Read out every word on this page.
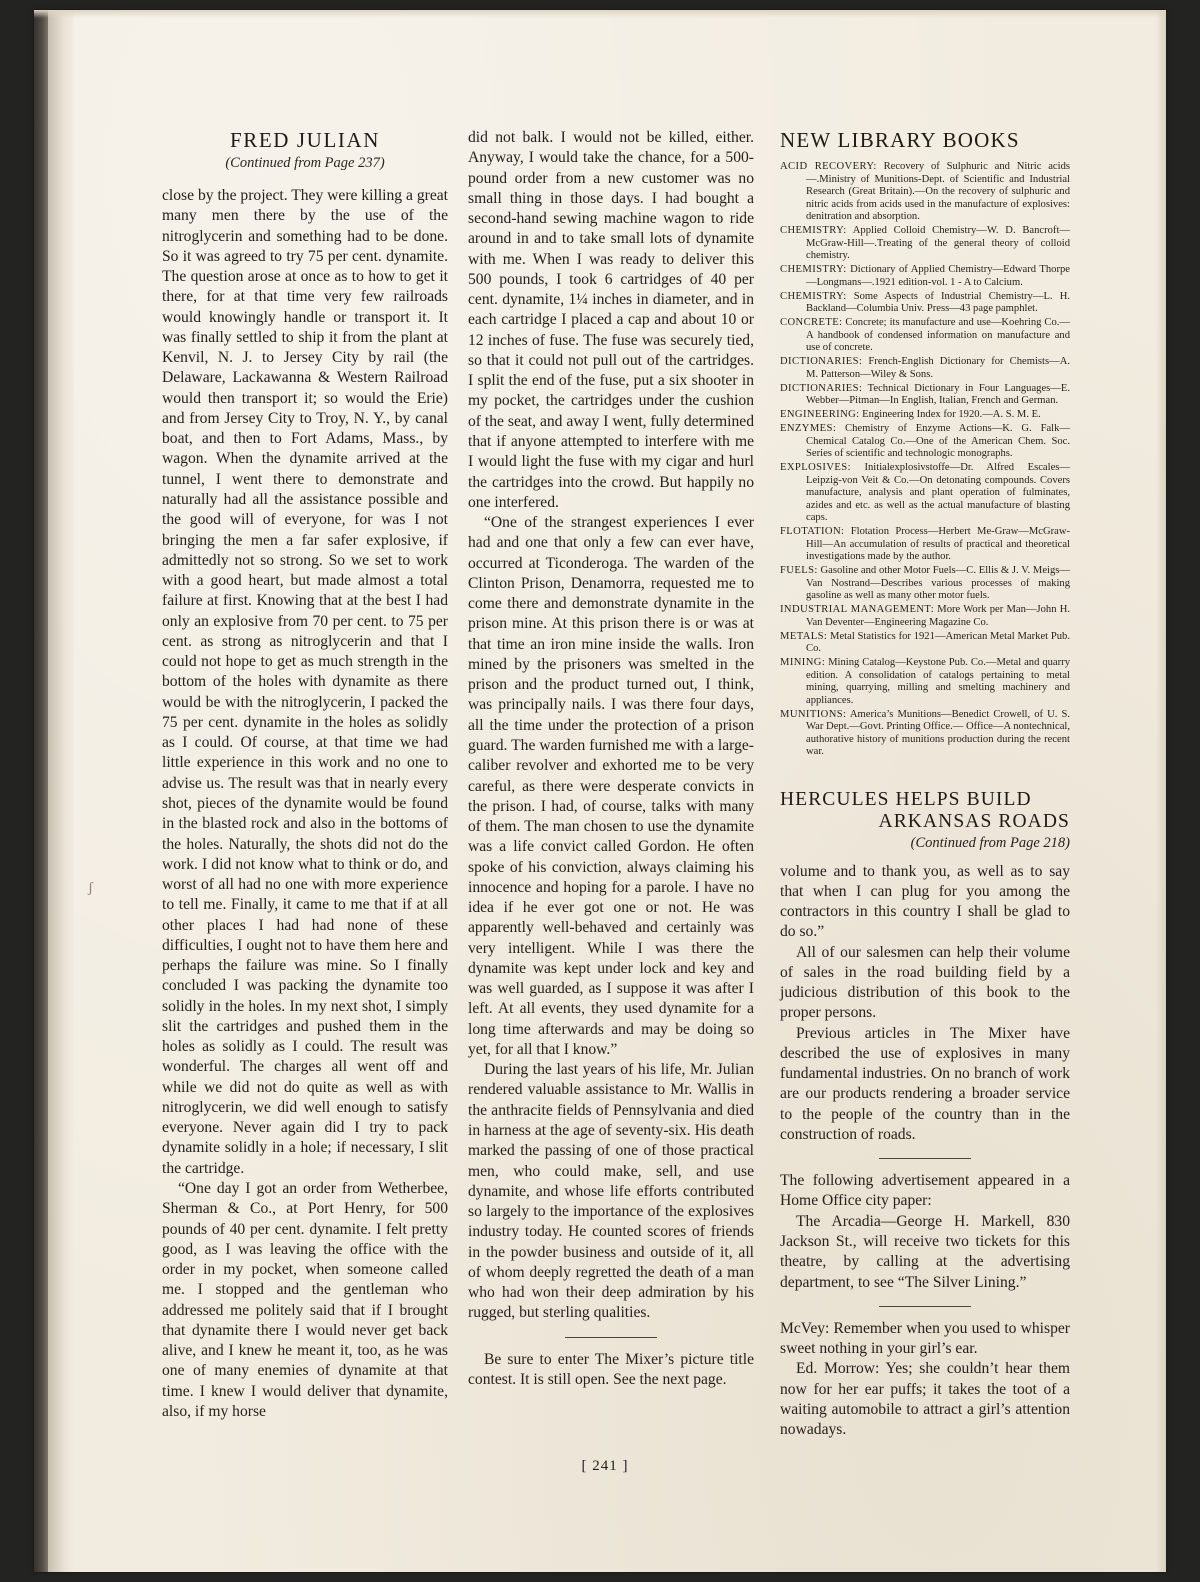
ʃ
FRED JULIAN
(Continued from Page 237)

close by the project. They were killing a great many men there by the use of the nitroglycerin and something had to be done. So it was agreed to try 75 per cent. dynamite. The question arose at once as to how to get it there, for at that time very few railroads would knowingly handle or transport it. It was finally settled to ship it from the plant at Kenvil, N. J. to Jersey City by rail (the Delaware, Lackawanna & Western Railroad would then transport it; so would the Erie) and from Jersey City to Troy, N. Y., by canal boat, and then to Fort Adams, Mass., by wagon. When the dynamite arrived at the tunnel, I went there to demonstrate and naturally had all the assistance possible and the good will of everyone, for was I not bringing the men a far safer explosive, if admittedly not so strong. So we set to work with a good heart, but made almost a total failure at first. Knowing that at the best I had only an explosive from 70 per cent. to 75 per cent. as strong as nitroglycerin and that I could not hope to get as much strength in the bottom of the holes with dynamite as there would be with the nitroglycerin, I packed the 75 per cent. dynamite in the holes as solidly as I could. Of course, at that time we had little experience in this work and no one to advise us. The result was that in nearly every shot, pieces of the dynamite would be found in the blasted rock and also in the bottoms of the holes. Naturally, the shots did not do the work. I did not know what to think or do, and worst of all had no one with more experience to tell me. Finally, it came to me that if at all other places I had had none of these difficulties, I ought not to have them here and perhaps the failure was mine. So I finally concluded I was packing the dynamite too solidly in the holes. In my next shot, I simply slit the cartridges and pushed them in the holes as solidly as I could. The result was wonderful. The charges all went off and while we did not do quite as well as with nitroglycerin, we did well enough to satisfy everyone. Never again did I try to pack dynamite solidly in a hole; if necessary, I slit the cartridge.

“One day I got an order from Wetherbee, Sherman & Co., at Port Henry, for 500 pounds of 40 per cent. dynamite. I felt pretty good, as I was leaving the office with the order in my pocket, when someone called me. I stopped and the gentleman who addressed me politely said that if I brought that dynamite there I would never get back alive, and I knew he meant it, too, as he was one of many enemies of dynamite at that time. I knew I would deliver that dynamite, also, if my horse

did not balk. I would not be killed, either. Anyway, I would take the chance, for a 500-pound order from a new customer was no small thing in those days. I had bought a second-hand sewing machine wagon to ride around in and to take small lots of dynamite with me. When I was ready to deliver this 500 pounds, I took 6 cartridges of 40 per cent. dynamite, 1¼ inches in diameter, and in each cartridge I placed a cap and about 10 or 12 inches of fuse. The fuse was securely tied, so that it could not pull out of the cartridges. I split the end of the fuse, put a six shooter in my pocket, the cartridges under the cushion of the seat, and away I went, fully determined that if anyone attempted to interfere with me I would light the fuse with my cigar and hurl the cartridges into the crowd. But happily no one interfered.

“One of the strangest experiences I ever had and one that only a few can ever have, occurred at Ticonderoga. The warden of the Clinton Prison, Denamorra, requested me to come there and demonstrate dynamite in the prison mine. At this prison there is or was at that time an iron mine inside the walls. Iron mined by the prisoners was smelted in the prison and the product turned out, I think, was principally nails. I was there four days, all the time under the protection of a prison guard. The warden furnished me with a large-caliber revolver and exhorted me to be very careful, as there were desperate convicts in the prison. I had, of course, talks with many of them. The man chosen to use the dynamite was a life convict called Gordon. He often spoke of his conviction, always claiming his innocence and hoping for a parole. I have no idea if he ever got one or not. He was apparently well-behaved and certainly was very intelligent. While I was there the dynamite was kept under lock and key and was well guarded, as I suppose it was after I left. At all events, they used dynamite for a long time afterwards and may be doing so yet, for all that I know.”

During the last years of his life, Mr. Julian rendered valuable assistance to Mr. Wallis in the anthracite fields of Pennsylvania and died in harness at the age of seventy-six. His death marked the passing of one of those practical men, who could make, sell, and use dynamite, and whose life efforts contributed so largely to the importance of the explosives industry today. He counted scores of friends in the powder business and outside of it, all of whom deeply regretted the death of a man who had won their deep admiration by his rugged, but sterling qualities.

Be sure to enter The Mixer’s picture title contest. It is still open. See the next page.

NEW LIBRARY BOOKS

ACID RECOVERY: Recovery of Sulphuric and Nitric acids—.Ministry of Munitions-Dept. of Scientific and Industrial Research (Great Britain).—On the recovery of sulphuric and nitric acids from acids used in the manufacture of explosives: denitration and absorption.

CHEMISTRY: Applied Colloid Chemistry—W. D. Bancroft—McGraw-Hill—.Treating of the general theory of colloid chemistry.

CHEMISTRY: Dictionary of Applied Chemistry—Edward Thorpe—Longmans—.1921 edition-vol. 1 - A to Calcium.

CHEMISTRY: Some Aspects of Industrial Chemistry—L. H. Backland—Columbia Univ. Press—43 page pamphlet.

CONCRETE: Concrete; its manufacture and use—Koehring Co.—A handbook of condensed information on manufacture and use of concrete.

DICTIONARIES: French-English Dictionary for Chemists—A. M. Patterson—Wiley & Sons.

DICTIONARIES: Technical Dictionary in Four Languages—E. Webber—Pitman—In English, Italian, French and German.

ENGINEERING: Engineering Index for 1920.—A. S. M. E.

ENZYMES: Chemistry of Enzyme Actions—K. G. Falk—Chemical Catalog Co.—One of the American Chem. Soc. Series of scientific and technologic monographs.

EXPLOSIVES: Initialexplosivstoffe—Dr. Alfred Escales—Leipzig-von Veit & Co.—On detonating compounds. Covers manufacture, analysis and plant operation of fulminates, azides and etc. as well as the actual manufacture of blasting caps.

FLOTATION: Flotation Process—Herbert Me-Graw—McGraw-Hill—An accumulation of results of practical and theoretical investigations made by the author.

FUELS: Gasoline and other Motor Fuels—C. Ellis & J. V. Meigs—Van Nostrand—Describes various processes of making gasoline as well as many other motor fuels.

INDUSTRIAL MANAGEMENT: More Work per Man—John H. Van Deventer—Engineering Magazine Co.

METALS: Metal Statistics for 1921—American Metal Market Pub. Co.

MINING: Mining Catalog—Keystone Pub. Co.—Metal and quarry edition. A consolidation of catalogs pertaining to metal mining, quarrying, milling and smelting machinery and appliances.

MUNITIONS: America’s Munitions—Benedict Crowell, of U. S. War Dept.—Govt. Printing Office.— Office—A nontechnical, authorative history of munitions production during the recent war.

HERCULES HELPS BUILD
ARKANSAS ROADS
(Continued from Page 218)

volume and to thank you, as well as to say that when I can plug for you among the contractors in this country I shall be glad to do so.”

All of our salesmen can help their volume of sales in the road building field by a judicious distribution of this book to the proper persons.

Previous articles in The Mixer have described the use of explosives in many fundamental industries. On no branch of work are our products rendering a broader service to the people of the country than in the construction of roads.

The following advertisement appeared in a Home Office city paper:

The Arcadia—George H. Markell, 830 Jackson St., will receive two tickets for this theatre, by calling at the advertising department, to see “The Silver Lining.”

McVey: Remember when you used to whisper sweet nothing in your girl’s ear.

Ed. Morrow: Yes; she couldn’t hear them now for her ear puffs; it takes the toot of a waiting automobile to attract a girl’s attention nowadays.

[ 241 ]
